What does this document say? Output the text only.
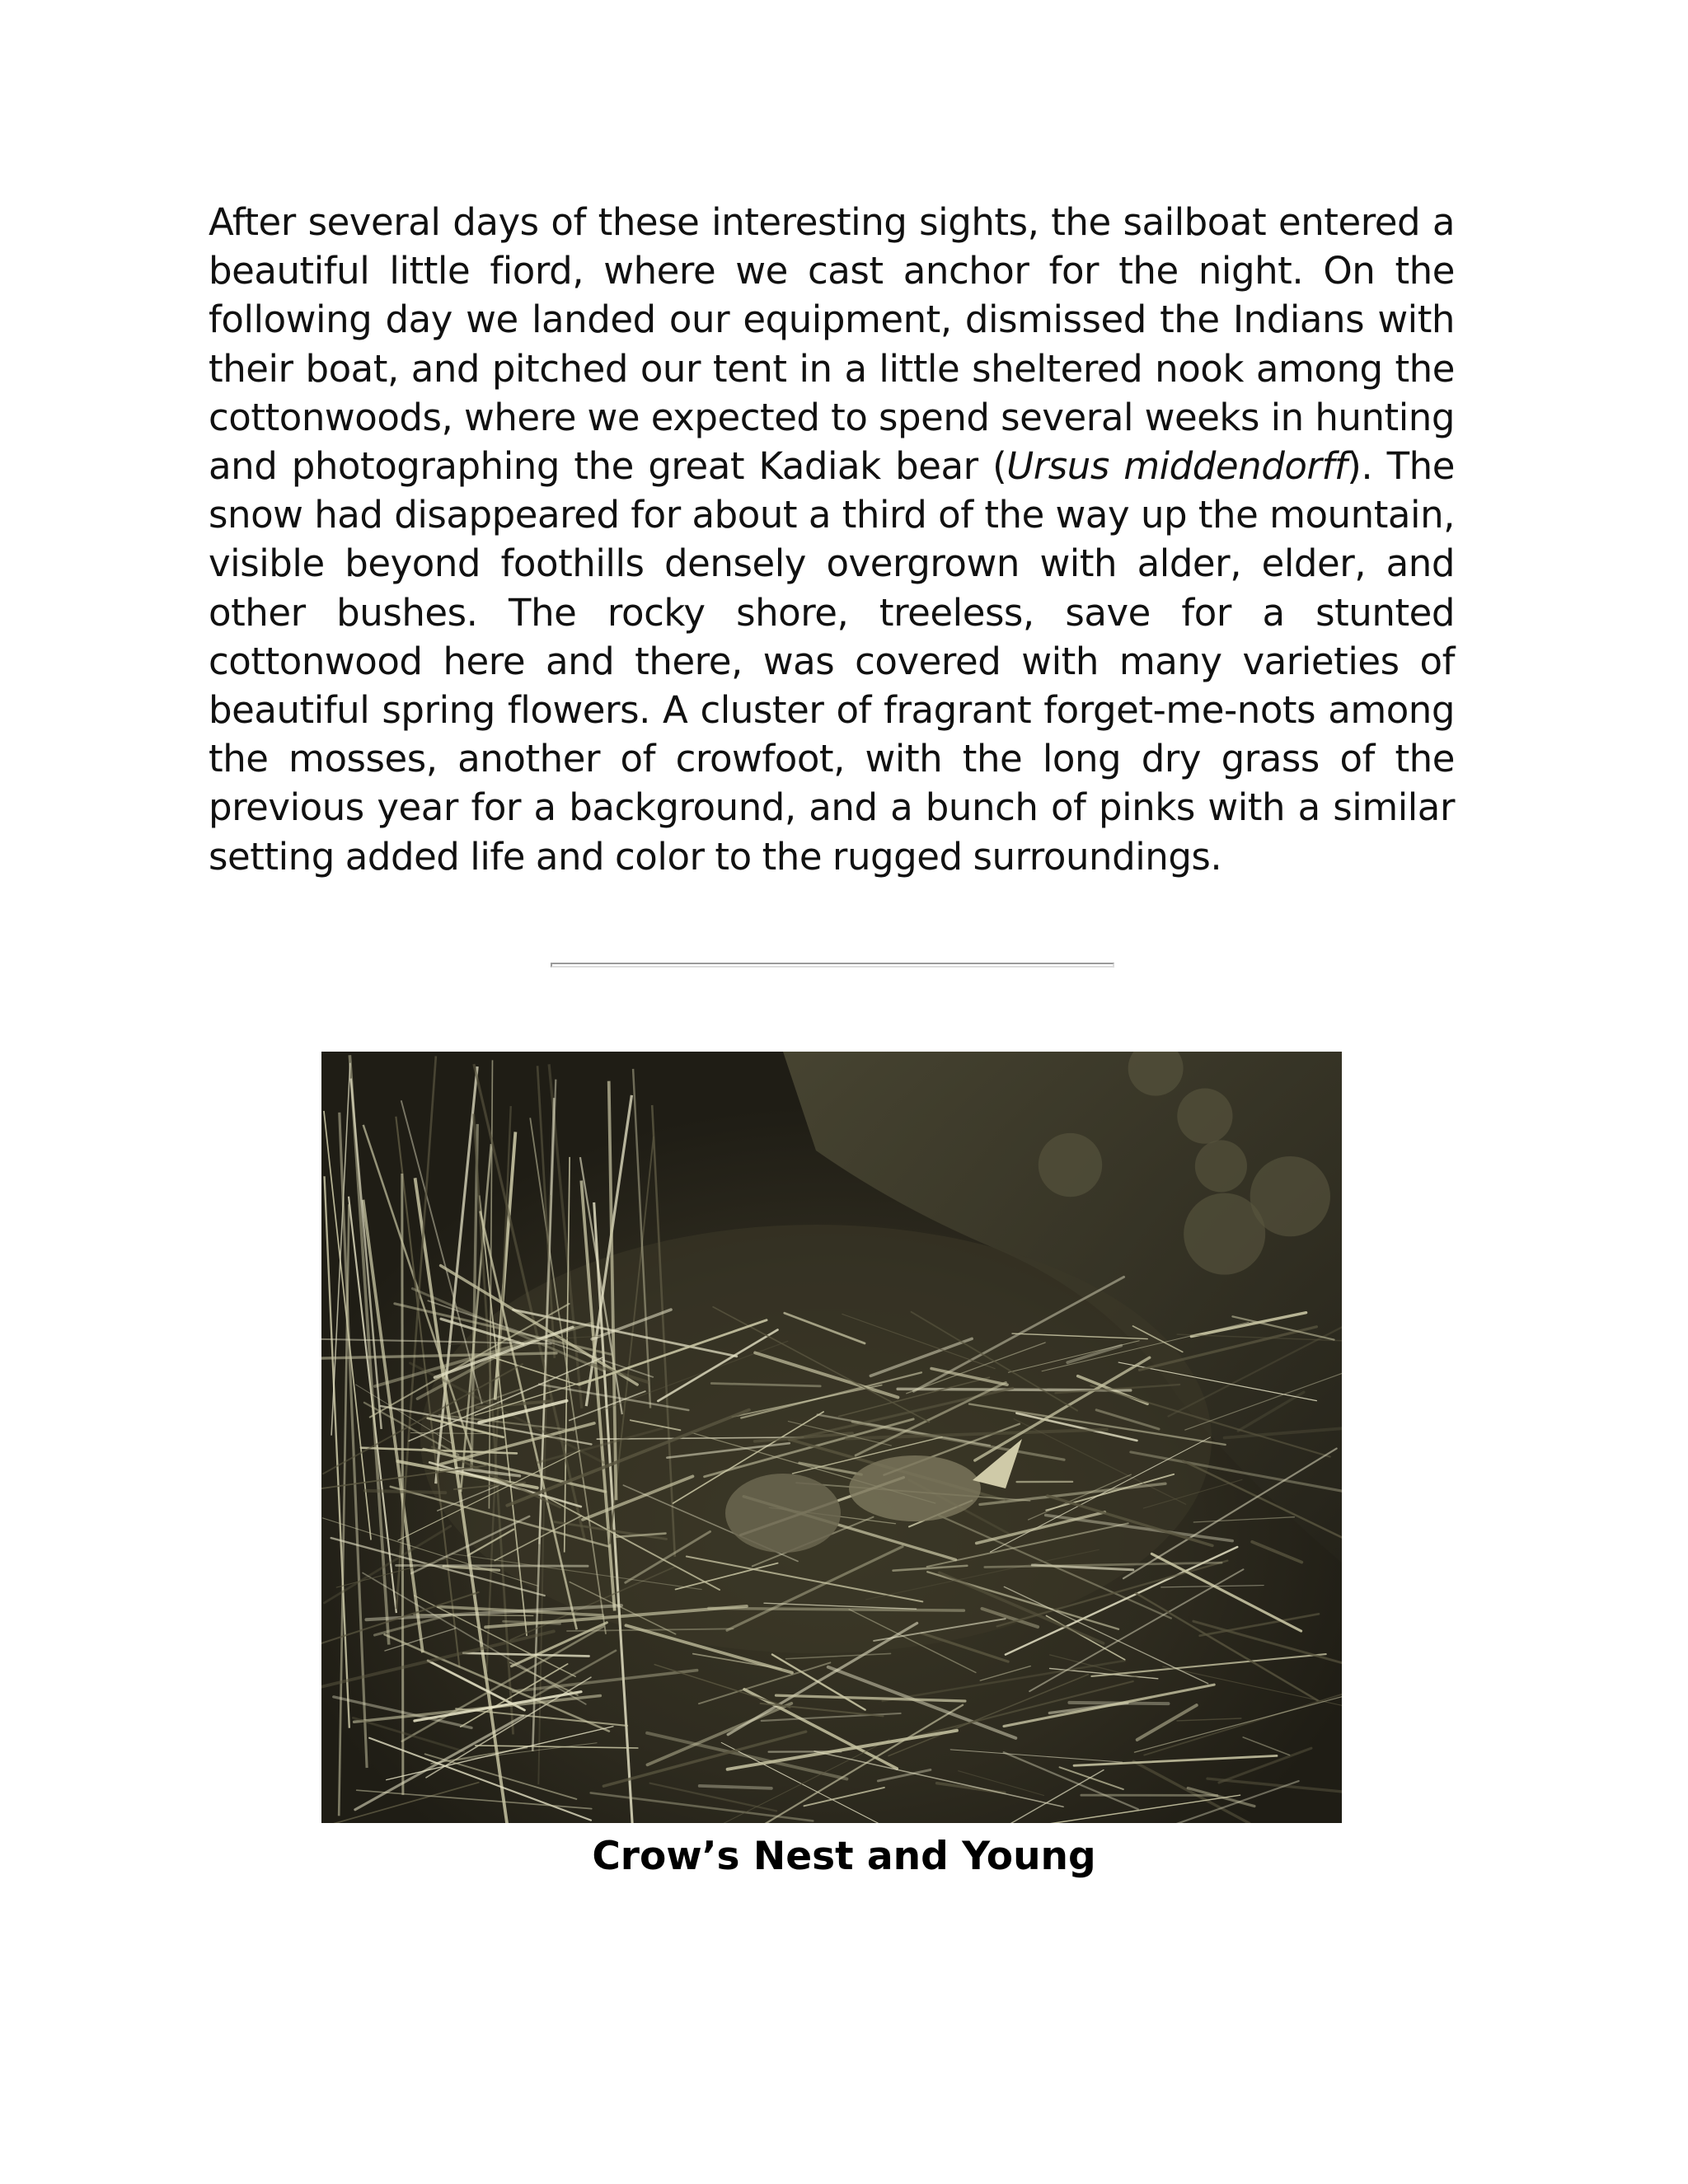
After several days of these interesting sights, the sailboat entered a beautiful little fiord, where we cast anchor for the night. On the following day we landed our equipment, dismissed the Indians with their boat, and pitched our tent in a little sheltered nook among the cottonwoods, where we expected to spend several weeks in hunting and photographing the great Kadiak bear (Ursus middendorff). The snow had disappeared for about a third of the way up the mountain, visible beyond foothills densely overgrown with alder, elder, and other bushes. The rocky shore, treeless, save for a stunted cottonwood here and there, was covered with many varieties of beautiful spring flowers. A cluster of fragrant forget-me-nots among the mosses, another of crowfoot, with the long dry grass of the previous year for a background, and a bunch of pinks with a similar setting added life and color to the rugged surroundings.

Crow’s Nest and Young
